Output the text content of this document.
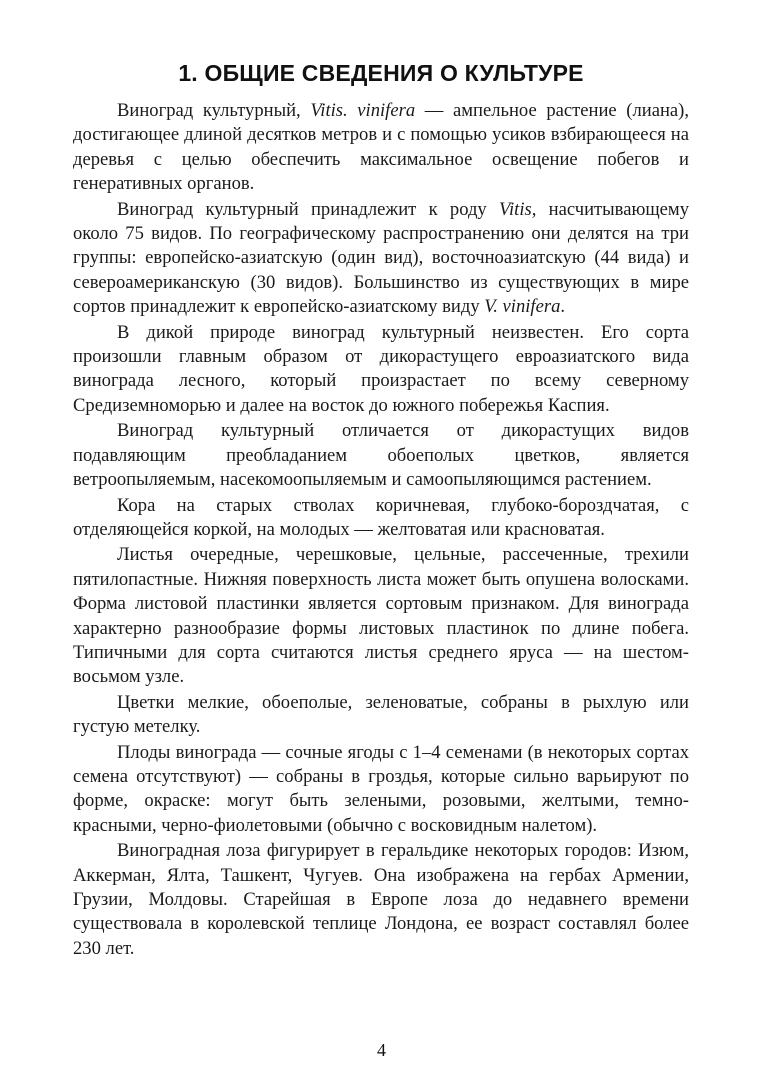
1. ОБЩИЕ СВЕДЕНИЯ О КУЛЬТУРЕ

Виноград культурный, Vitis. vinifera — ампельное растение (лиана), достигающее длиной десятков метров и с помощью усиков взбирающееся на деревья с целью обеспечить максимальное освещение побегов и генеративных органов.

Виноград культурный принадлежит к роду Vitis, насчитывающему около 75 видов. По географическому распространению они делятся на три группы: европейско-азиатскую (один вид), восточноазиатскую (44 вида) и североамериканскую (30 видов). Большинство из существующих в мире сортов принадлежит к европейско-азиатскому виду V. vinifera.

В дикой природе виноград культурный неизвестен. Его сорта произошли главным образом от дикорастущего евроазиатского вида винограда лесного, который произрастает по всему северному Средиземноморью и далее на восток до южного побережья Каспия.

Виноград культурный отличается от дикорастущих видов подавляющим преобладанием обоеполых цветков, является ветроопыляемым, насекомоопыляемым и самоопыляющимся растением.

Кора на старых стволах коричневая, глубоко-бороздчатая, с отделяющейся коркой, на молодых — желтоватая или красноватая.

Листья очередные, черешковые, цельные, рассеченные, трехили пятилопастные. Нижняя поверхность листа может быть опушена волосками. Форма листовой пластинки является сортовым признаком. Для винограда характерно разнообразие формы листовых пластинок по длине побега. Типичными для сорта считаются листья среднего яруса — на шестом-восьмом узле.

Цветки мелкие, обоеполые, зеленоватые, собраны в рыхлую или густую метелку.

Плоды винограда — сочные ягоды с 1–4 семенами (в некоторых сортах семена отсутствуют) — собраны в гроздья, которые сильно варьируют по форме, окраске: могут быть зелеными, розовыми, желтыми, темно-красными, черно-фиолетовыми (обычно с восковидным налетом).

Виноградная лоза фигурирует в геральдике некоторых городов: Изюм, Аккерман, Ялта, Ташкент, Чугуев. Она изображена на гербах Армении, Грузии, Молдовы. Старейшая в Европе лоза до недавнего времени существовала в королевской теплице Лондона, ее возраст составлял более 230 лет.

4
